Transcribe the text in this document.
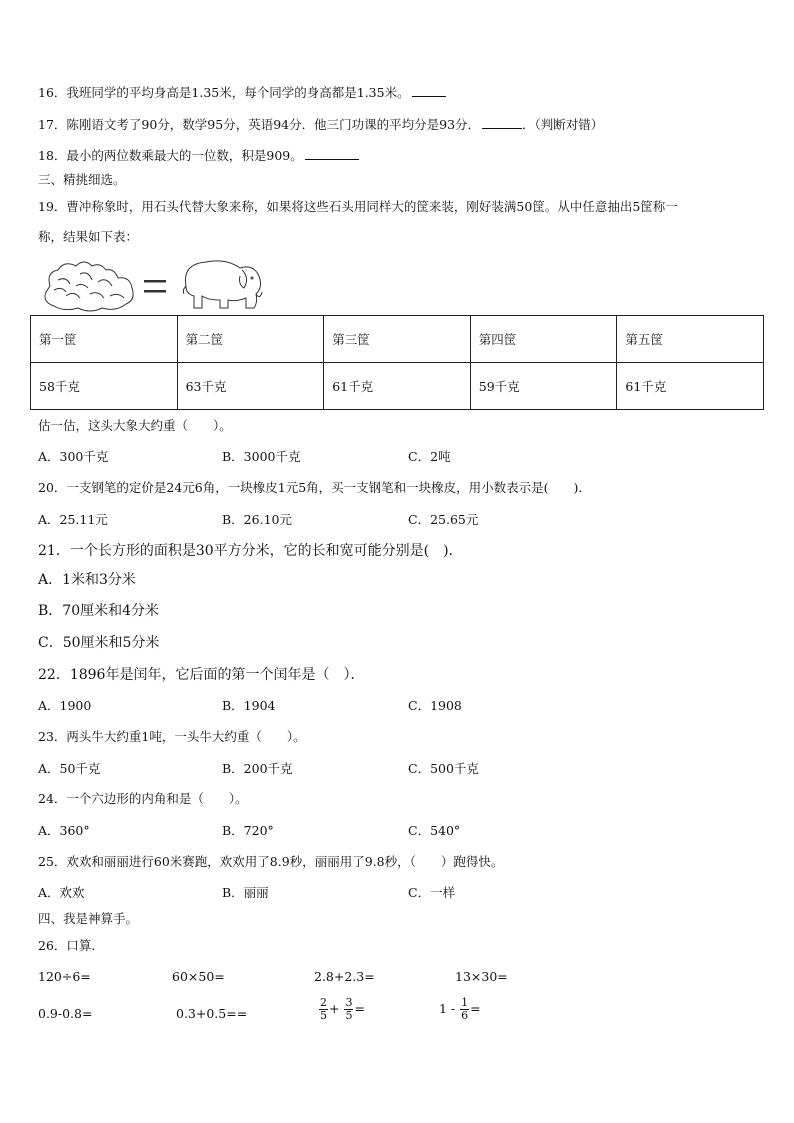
16．我班同学的平均身高是1.35米，每个同学的身高都是1.35米。
17．陈刚语文考了90分，数学95分，英语94分．他三门功课的平均分是93分．	．（判断对错）
18．最小的两位数乘最大的一位数，积是909。
三、精挑细选。
19．曹冲称象时，用石头代替大象来称，如果将这些石头用同样大的筐来装，刚好装满50筐。从中任意抽出5筐称一
称，结果如下表：
第一筐	第二筐	第三筐	第四筐	第五筐
58千克	63千克	61千克	59千克	61千克
估一估，这头大象大约重（　　）。
A．300千克	B．3000千克	C．2吨
20．一支钢笔的定价是24元6角，一块橡皮1元5角，买一支钢笔和一块橡皮，用小数表示是(　　)．
A．25.11元	B．26.10元	C．25.65元
21．一个长方形的面积是30平方分米，它的长和宽可能分别是(　)．
A．1米和3分米
B．70厘米和4分米
C．50厘米和5分米
22．1896年是闰年，它后面的第一个闰年是（　）．
A．1900	B．1904	C．1908
23．两头牛大约重1吨，一头牛大约重（　　）。
A．50千克	B．200千克	C．500千克
24．一个六边形的内角和是（　　）。
A．360°	B．720°	C．540°
25．欢欢和丽丽进行60米赛跑，欢欢用了8.9秒，丽丽用了9.8秒，（　　）跑得快。
A．欢欢	B．丽丽	C．一样
四、我是神算手。
26．口算.
120÷6=	60×50=	2.8+2.3=	13×30=
0.9-0.8=	0.3+0.5==	$\frac{2}{5} + \frac{3}{5}$ =	$1 - \frac{1}{6}$ =
